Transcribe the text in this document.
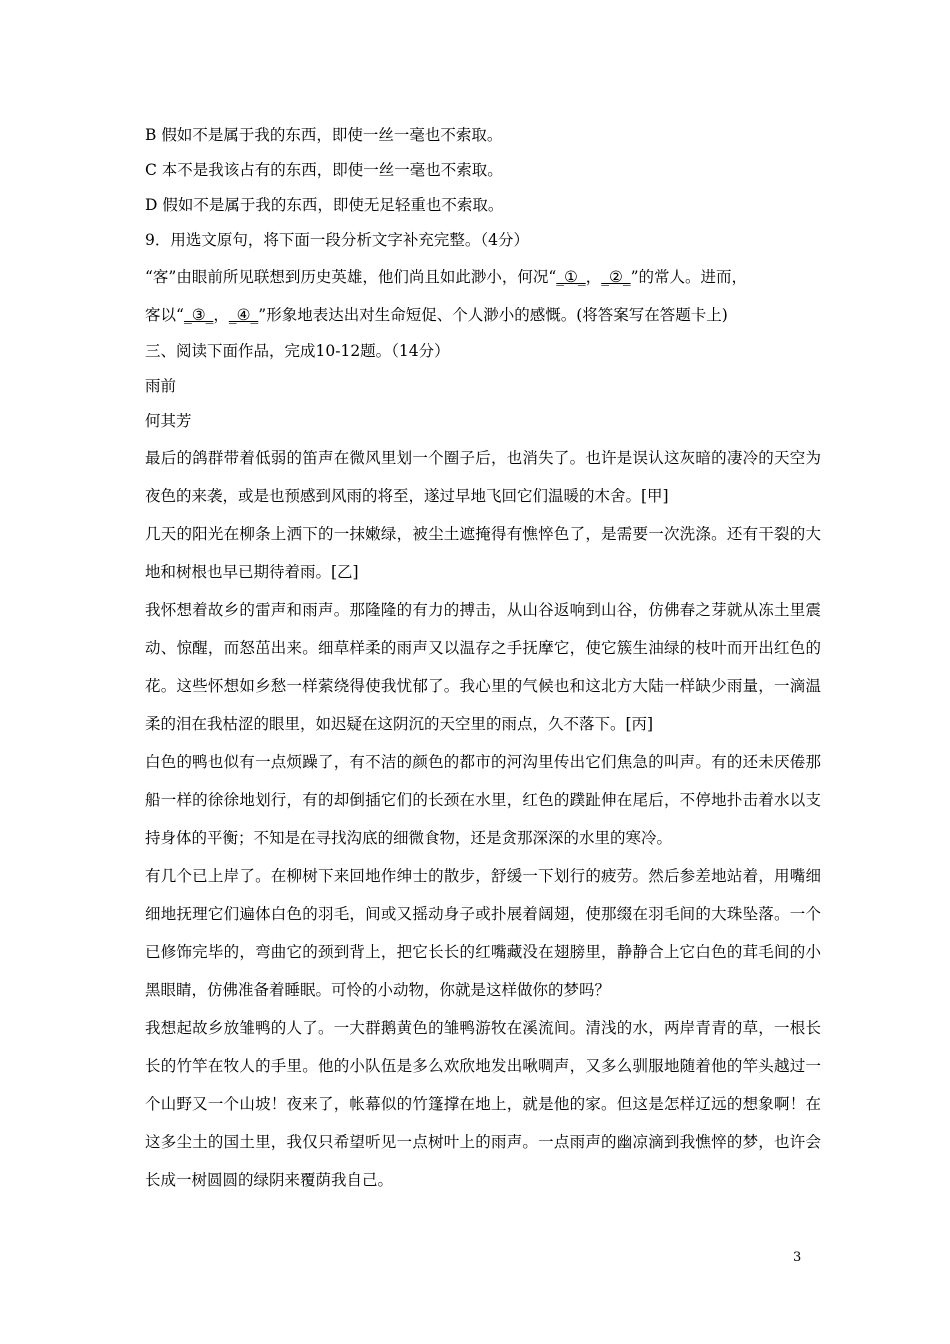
B 假如不是属于我的东西，即使一丝一毫也不索取。
C 本不是我该占有的东西，即使一丝一毫也不索取。
D 假如不是属于我的东西，即使无足轻重也不索取。
9．用选文原句，将下面一段分析文字补充完整。（4分）
“客”由眼前所见联想到历史英雄，他们尚且如此渺小，何况“_①_，_②_”的常人。进而，
客以“_③_，_④_”形象地表达出对生命短促、个人渺小的感慨。(将答案写在答题卡上)
三、阅读下面作品，完成10-12题。（14分）
雨前
何其芳

最后的鸽群带着低弱的笛声在微风里划一个圈子后，也消失了。也许是误认这灰暗的凄冷的天空为夜色的来袭，或是也预感到风雨的将至，遂过早地飞回它们温暖的木舍。[甲]

几天的阳光在柳条上洒下的一抹嫩绿，被尘土遮掩得有憔悴色了，是需要一次洗涤。还有干裂的大地和树根也早已期待着雨。[乙]

我怀想着故乡的雷声和雨声。那隆隆的有力的搏击，从山谷返响到山谷，仿佛春之芽就从冻土里震动、惊醒，而怒茁出来。细草样柔的雨声又以温存之手抚摩它，使它簇生油绿的枝叶而开出红色的花。这些怀想如乡愁一样萦绕得使我忧郁了。我心里的气候也和这北方大陆一样缺少雨量，一滴温柔的泪在我枯涩的眼里，如迟疑在这阴沉的天空里的雨点，久不落下。[丙]

白色的鸭也似有一点烦躁了，有不洁的颜色的都市的河沟里传出它们焦急的叫声。有的还未厌倦那船一样的徐徐地划行，有的却倒插它们的长颈在水里，红色的蹼趾伸在尾后，不停地扑击着水以支持身体的平衡；不知是在寻找沟底的细微食物，还是贪那深深的水里的寒冷。

有几个已上岸了。在柳树下来回地作绅士的散步，舒缓一下划行的疲劳。然后参差地站着，用嘴细细地抚理它们遍体白色的羽毛，间或又摇动身子或扑展着阔翅，使那缀在羽毛间的大珠坠落。一个已修饰完毕的，弯曲它的颈到背上，把它长长的红嘴藏没在翅膀里，静静合上它白色的茸毛间的小黑眼睛，仿佛准备着睡眠。可怜的小动物，你就是这样做你的梦吗？

我想起故乡放雏鸭的人了。一大群鹅黄色的雏鸭游牧在溪流间。清浅的水，两岸青青的草，一根长长的竹竿在牧人的手里。他的小队伍是多么欢欣地发出啾啁声，又多么驯服地随着他的竿头越过一个山野又一个山坡！夜来了，帐幕似的竹篷撑在地上，就是他的家。但这是怎样辽远的想象啊！在这多尘土的国土里，我仅只希望听见一点树叶上的雨声。一点雨声的幽凉滴到我憔悴的梦，也许会长成一树圆圆的绿阴来覆荫我自己。

3
